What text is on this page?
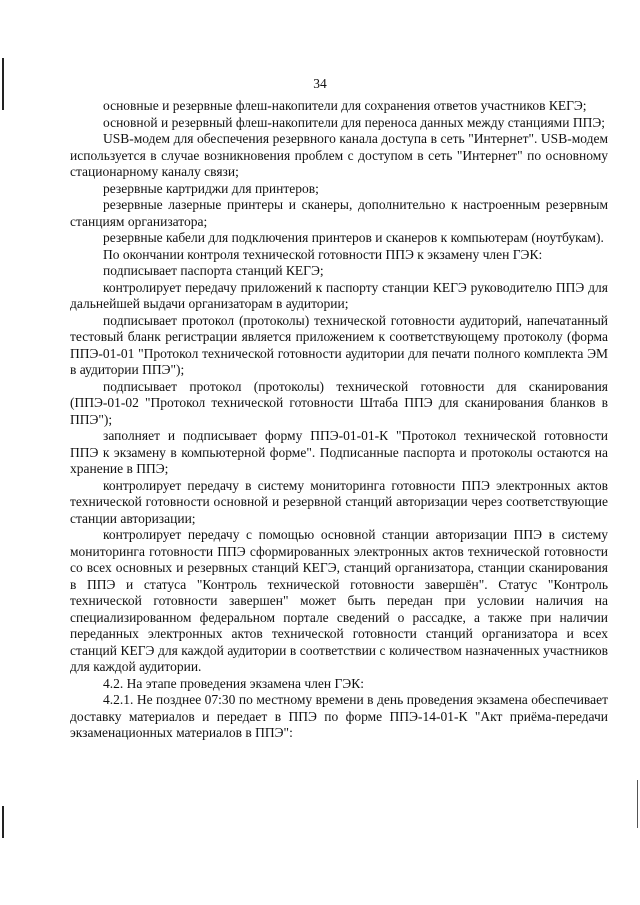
34

основные и резервные флеш-накопители для сохранения ответов участников КЕГЭ;

основной и резервный флеш-накопители для переноса данных между станциями ППЭ;

USB-модем для обеспечения резервного канала доступа в сеть "Интернет". USB-модем используется в случае возникновения проблем с доступом в сеть "Интернет" по основному стационарному каналу связи;

резервные картриджи для принтеров;

резервные лазерные принтеры и сканеры, дополнительно к настроенным резервным станциям организатора;

резервные кабели для подключения принтеров и сканеров к компьютерам (ноутбукам).

По окончании контроля технической готовности ППЭ к экзамену член ГЭК:

подписывает паспорта станций КЕГЭ;

контролирует передачу приложений к паспорту станции КЕГЭ руководителю ППЭ для дальнейшей выдачи организаторам в аудитории;

подписывает протокол (протоколы) технической готовности аудиторий, напечатанный тестовый бланк регистрации является приложением к соответствующему протоколу (форма ППЭ-01-01 "Протокол технической готовности аудитории для печати полного комплекта ЭМ в аудитории ППЭ");

подписывает протокол (протоколы) технической готовности для сканирования (ППЭ-01-02 "Протокол технической готовности Штаба ППЭ для сканирования бланков в ППЭ");

заполняет и подписывает форму ППЭ-01-01-К "Протокол технической готовности ППЭ к экзамену в компьютерной форме". Подписанные паспорта и протоколы остаются на хранение в ППЭ;

контролирует передачу в систему мониторинга готовности ППЭ электронных актов технической готовности основной и резервной станций авторизации через соответствующие станции авторизации;

контролирует передачу с помощью основной станции авторизации ППЭ в систему мониторинга готовности ППЭ сформированных электронных актов технической готовности со всех основных и резервных станций КЕГЭ, станций организатора, станции сканирования в ППЭ и статуса "Контроль технической готовности завершён". Статус "Контроль технической готовности завершен" может быть передан при условии наличия на специализированном федеральном портале сведений о рассадке, а также при наличии переданных электронных актов технической готовности станций организатора и всех станций КЕГЭ для каждой аудитории в соответствии с количеством назначенных участников для каждой аудитории.

4.2. На этапе проведения экзамена член ГЭК:

4.2.1. Не позднее 07:30 по местному времени в день проведения экзамена обеспечивает доставку материалов и передает в ППЭ по форме ППЭ-14-01-К "Акт приёма-передачи экзаменационных материалов в ППЭ":
